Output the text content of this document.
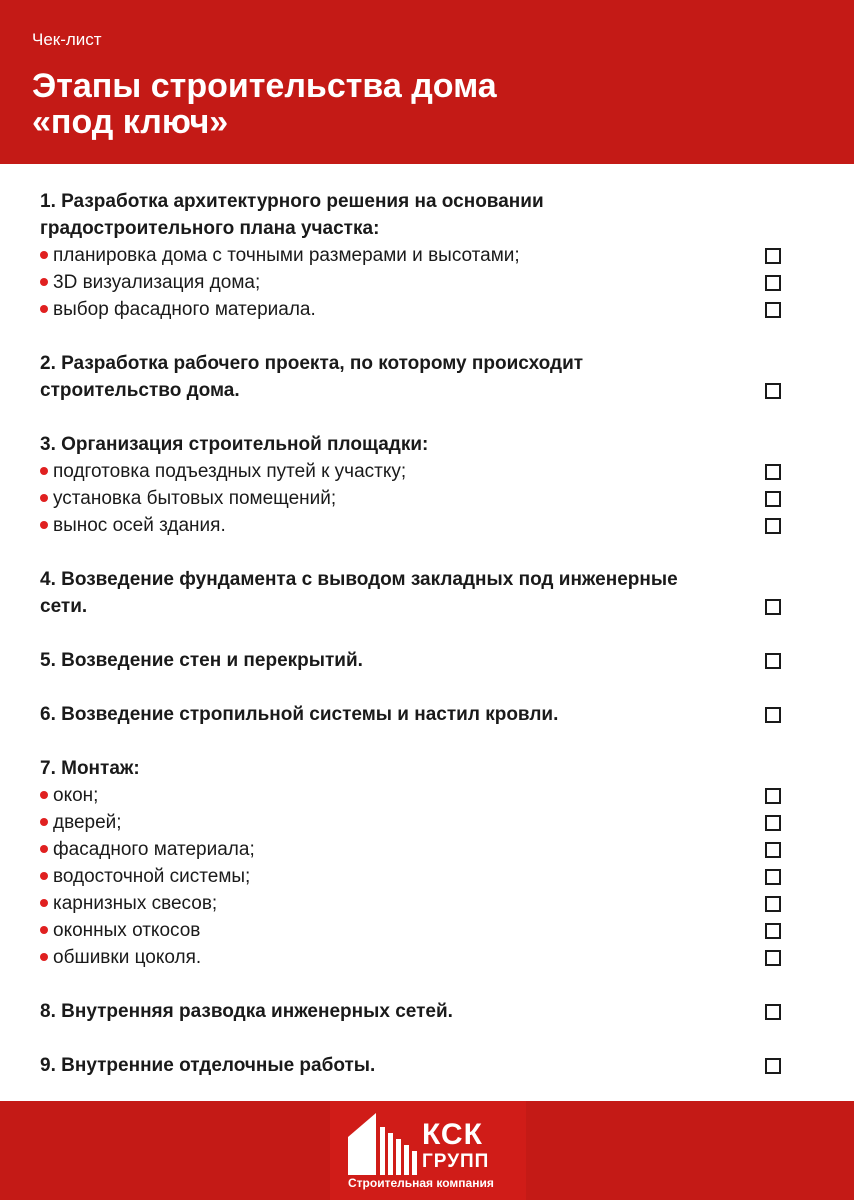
Чек-лист
Этапы строительства дома
«под ключ»
1. Разработка архитектурного решения на основании
градостроительного плана участка:
планировка дома с точными размерами и высотами;
3D визуализация дома;
выбор фасадного материала.
2. Разработка рабочего проекта, по которому происходит
строительство дома.
3. Организация строительной площадки:
подготовка подъездных путей к участку;
установка бытовых помещений;
вынос осей здания.
4. Возведение фундамента с выводом закладных под инженерные
сети.
5. Возведение стен и перекрытий.
6. Возведение стропильной системы и настил кровли.
7. Монтаж:
окон;
дверей;
фасадного материала;
водосточной системы;
карнизных свесов;
оконных откосов
обшивки цоколя.
8. Внутренняя разводка инженерных сетей.
9. Внутренние отделочные работы.
КСК
ГРУПП
Строительная компания
